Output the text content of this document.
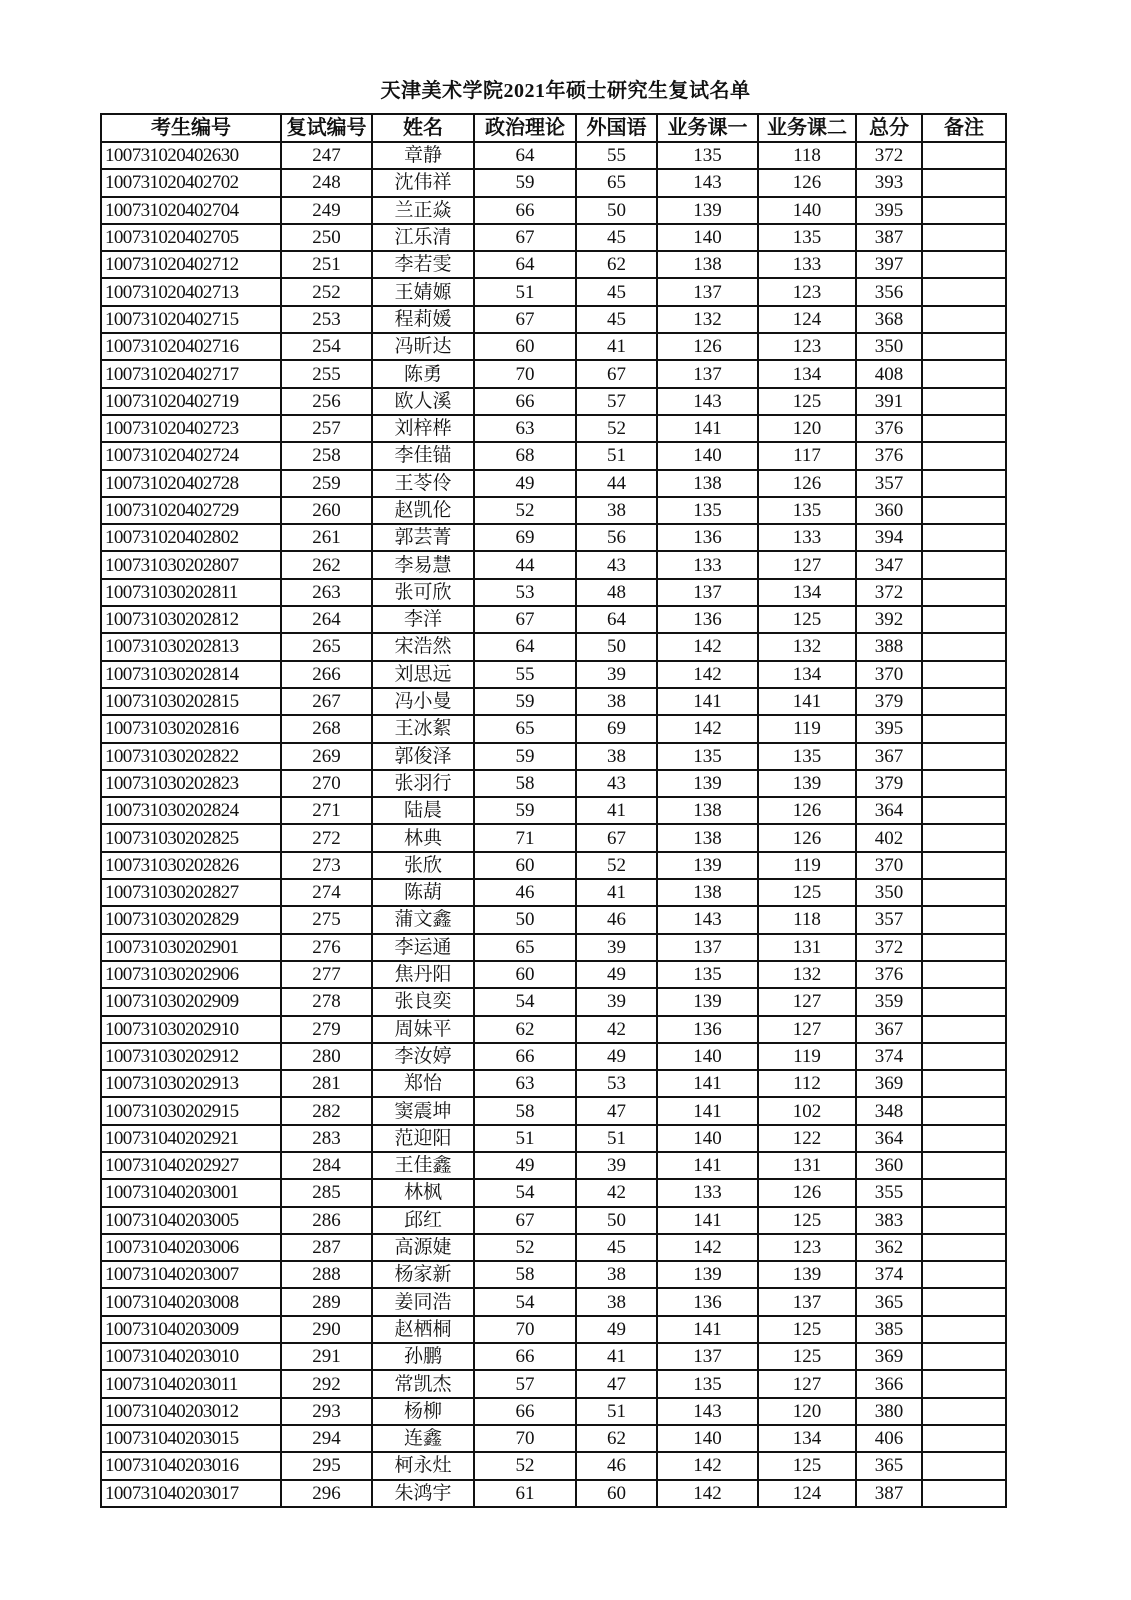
天津美术学院2021年硕士研究生复试名单
考生编号	复试编号	姓名	政治理论	外国语	业务课一	业务课二	总分	备注
100731020402630	247	章静	64	55	135	118	372	
100731020402702	248	沈伟祥	59	65	143	126	393	
100731020402704	249	兰正焱	66	50	139	140	395	
100731020402705	250	江乐清	67	45	140	135	387	
100731020402712	251	李若雯	64	62	138	133	397	
100731020402713	252	王婧嫄	51	45	137	123	356	
100731020402715	253	程莉媛	67	45	132	124	368	
100731020402716	254	冯昕达	60	41	126	123	350	
100731020402717	255	陈勇	70	67	137	134	408	
100731020402719	256	欧人溪	66	57	143	125	391	
100731020402723	257	刘梓桦	63	52	141	120	376	
100731020402724	258	李佳锚	68	51	140	117	376	
100731020402728	259	王苓伶	49	44	138	126	357	
100731020402729	260	赵凯伦	52	38	135	135	360	
100731020402802	261	郭芸菁	69	56	136	133	394	
100731030202807	262	李易慧	44	43	133	127	347	
100731030202811	263	张可欣	53	48	137	134	372	
100731030202812	264	李洋	67	64	136	125	392	
100731030202813	265	宋浩然	64	50	142	132	388	
100731030202814	266	刘思远	55	39	142	134	370	
100731030202815	267	冯小曼	59	38	141	141	379	
100731030202816	268	王冰絮	65	69	142	119	395	
100731030202822	269	郭俊泽	59	38	135	135	367	
100731030202823	270	张羽行	58	43	139	139	379	
100731030202824	271	陆晨	59	41	138	126	364	
100731030202825	272	林典	71	67	138	126	402	
100731030202826	273	张欣	60	52	139	119	370	
100731030202827	274	陈葫	46	41	138	125	350	
100731030202829	275	蒲文鑫	50	46	143	118	357	
100731030202901	276	李运通	65	39	137	131	372	
100731030202906	277	焦丹阳	60	49	135	132	376	
100731030202909	278	张良奕	54	39	139	127	359	
100731030202910	279	周妹平	62	42	136	127	367	
100731030202912	280	李汝婷	66	49	140	119	374	
100731030202913	281	郑怡	63	53	141	112	369	
100731030202915	282	窦震坤	58	47	141	102	348	
100731040202921	283	范迎阳	51	51	140	122	364	
100731040202927	284	王佳鑫	49	39	141	131	360	
100731040203001	285	林枫	54	42	133	126	355	
100731040203005	286	邱红	67	50	141	125	383	
100731040203006	287	高源婕	52	45	142	123	362	
100731040203007	288	杨家新	58	38	139	139	374	
100731040203008	289	姜同浩	54	38	136	137	365	
100731040203009	290	赵栖桐	70	49	141	125	385	
100731040203010	291	孙鹏	66	41	137	125	369	
100731040203011	292	常凯杰	57	47	135	127	366	
100731040203012	293	杨柳	66	51	143	120	380	
100731040203015	294	连鑫	70	62	140	134	406	
100731040203016	295	柯永灶	52	46	142	125	365	
100731040203017	296	朱鸿宇	61	60	142	124	387	
